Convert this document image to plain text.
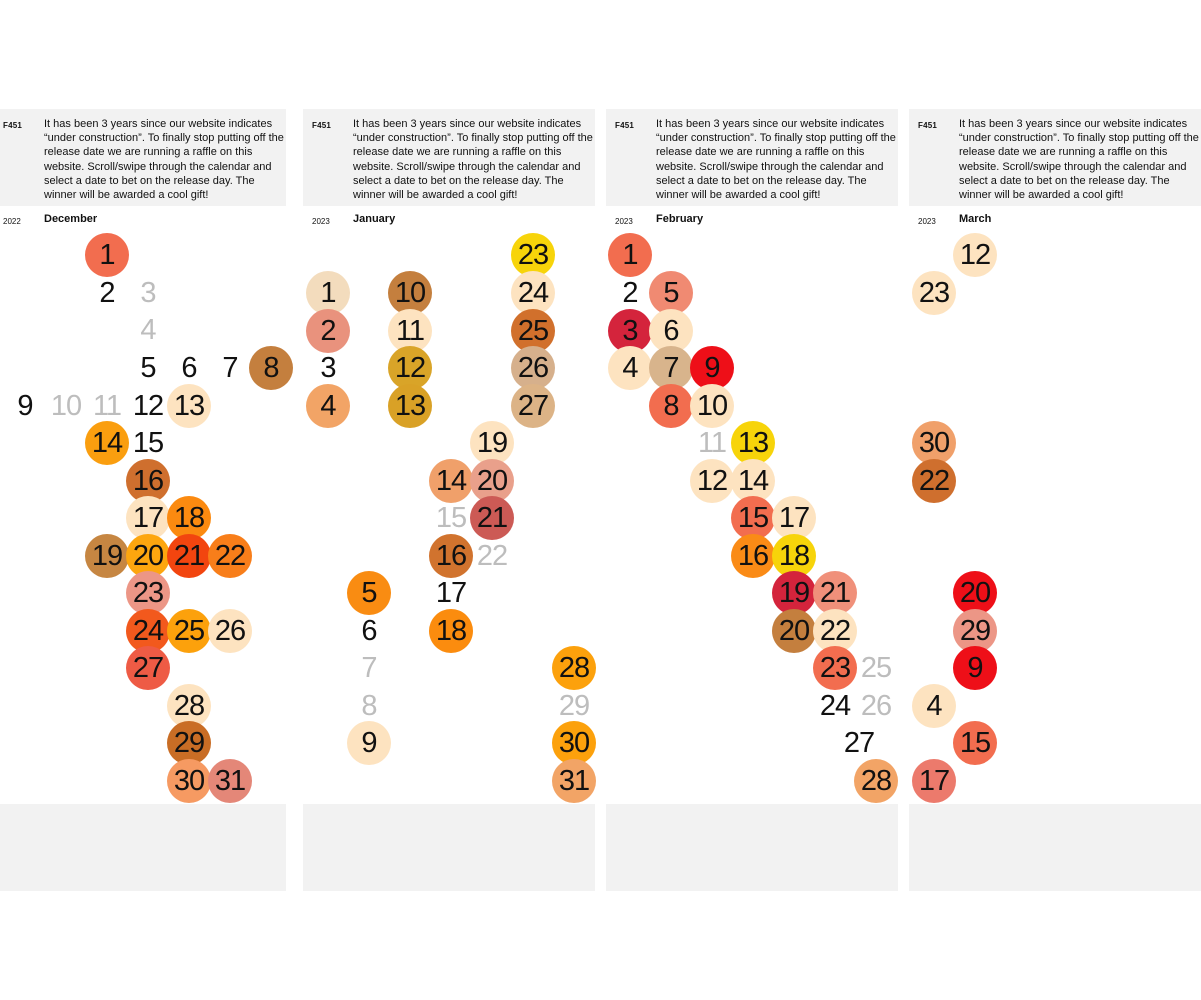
F451 It has been 3 years since our website indicates “under construction”. To finally stop putting off the release date we are running a raffle on this website. Scroll/swipe through the calendar and select a date to bet on the release day. The winner will be awarded a cool gift!
2022 December
1
2 3
4
5 6 7 8
9 10 11 12 13
14 15
16
17 18
19 20 21 22
23
24 25 26
27
28
29
30 31
F451 It has been 3 years since our website indicates “under construction”. To finally stop putting off the release date we are running a raffle on this website. Scroll/swipe through the calendar and select a date to bet on the release day. The winner will be awarded a cool gift!
2023 January
1
2
3
4
5
6
7
8
9
10
11
12
13
14
15
16
17
18
19
20
21
22
23
24
25
26
27
28
29
30
31
F451 It has been 3 years since our website indicates “under construction”. To finally stop putting off the release date we are running a raffle on this website. Scroll/swipe through the calendar and select a date to bet on the release day. The winner will be awarded a cool gift!
2023 February
1
2
3
4
5
6
7
8
9
10
11
12
13
14
15
16
17
18
19
20
21
22
23
24
25
26
27
28
F451 It has been 3 years since our website indicates “under construction”. To finally stop putting off the release date we are running a raffle on this website. Scroll/swipe through the calendar and select a date to bet on the release day. The winner will be awarded a cool gift!
2023 March
12
23
30
22
20
29
9
4
15
17
